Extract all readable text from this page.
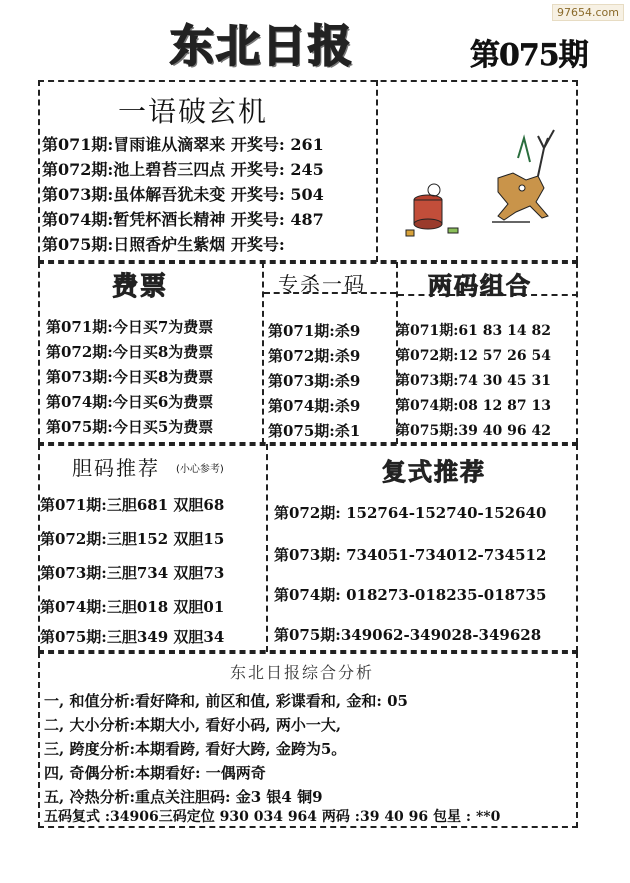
97654.com
东北日报	第075期
一语破玄机
第071期:冒雨谁从滴翠来 开奖号: 261
第072期:池上碧苔三四点 开奖号: 245
第073期:虽体解吾犹未变 开奖号: 504
第074期:暂凭杯酒长精神 开奖号: 487
第075期:日照香炉生紫烟 开奖号:
费票
第071期:今日买7为费票
第072期:今日买8为费票
第073期:今日买8为费票
第074期:今日买6为费票
第075期:今日买5为费票
专杀一码
第071期:杀9
第072期:杀9
第073期:杀9
第074期:杀9
第075期:杀1
两码组合
第071期:61 83 14 82
第072期:12 57 26 54
第073期:74 30 45 31
第074期:08 12 87 13
第075期:39 40 96 42
胆码推荐 (小心参考)
第071期:三胆681 双胆68
第072期:三胆152 双胆15
第073期:三胆734 双胆73
第074期:三胆018 双胆01
第075期:三胆349 双胆34
复式推荐
第072期: 152764-152740-152640
第073期: 734051-734012-734512
第074期: 018273-018235-018735
第075期:349062-349028-349628
东北日报综合分析
一, 和值分析:看好降和, 前区和值, 彩谍看和, 金和: 05
二, 大小分析:本期大小, 看好小码, 两小一大,
三, 跨度分析:本期看跨, 看好大跨, 金跨为5。
四, 奇偶分析:本期看好: 一偶两奇
五, 冷热分析:重点关注胆码: 金3 银4 铜9
五码复式 :34906三码定位 930 034 964 两码 :39 40 96 包星 : **0
